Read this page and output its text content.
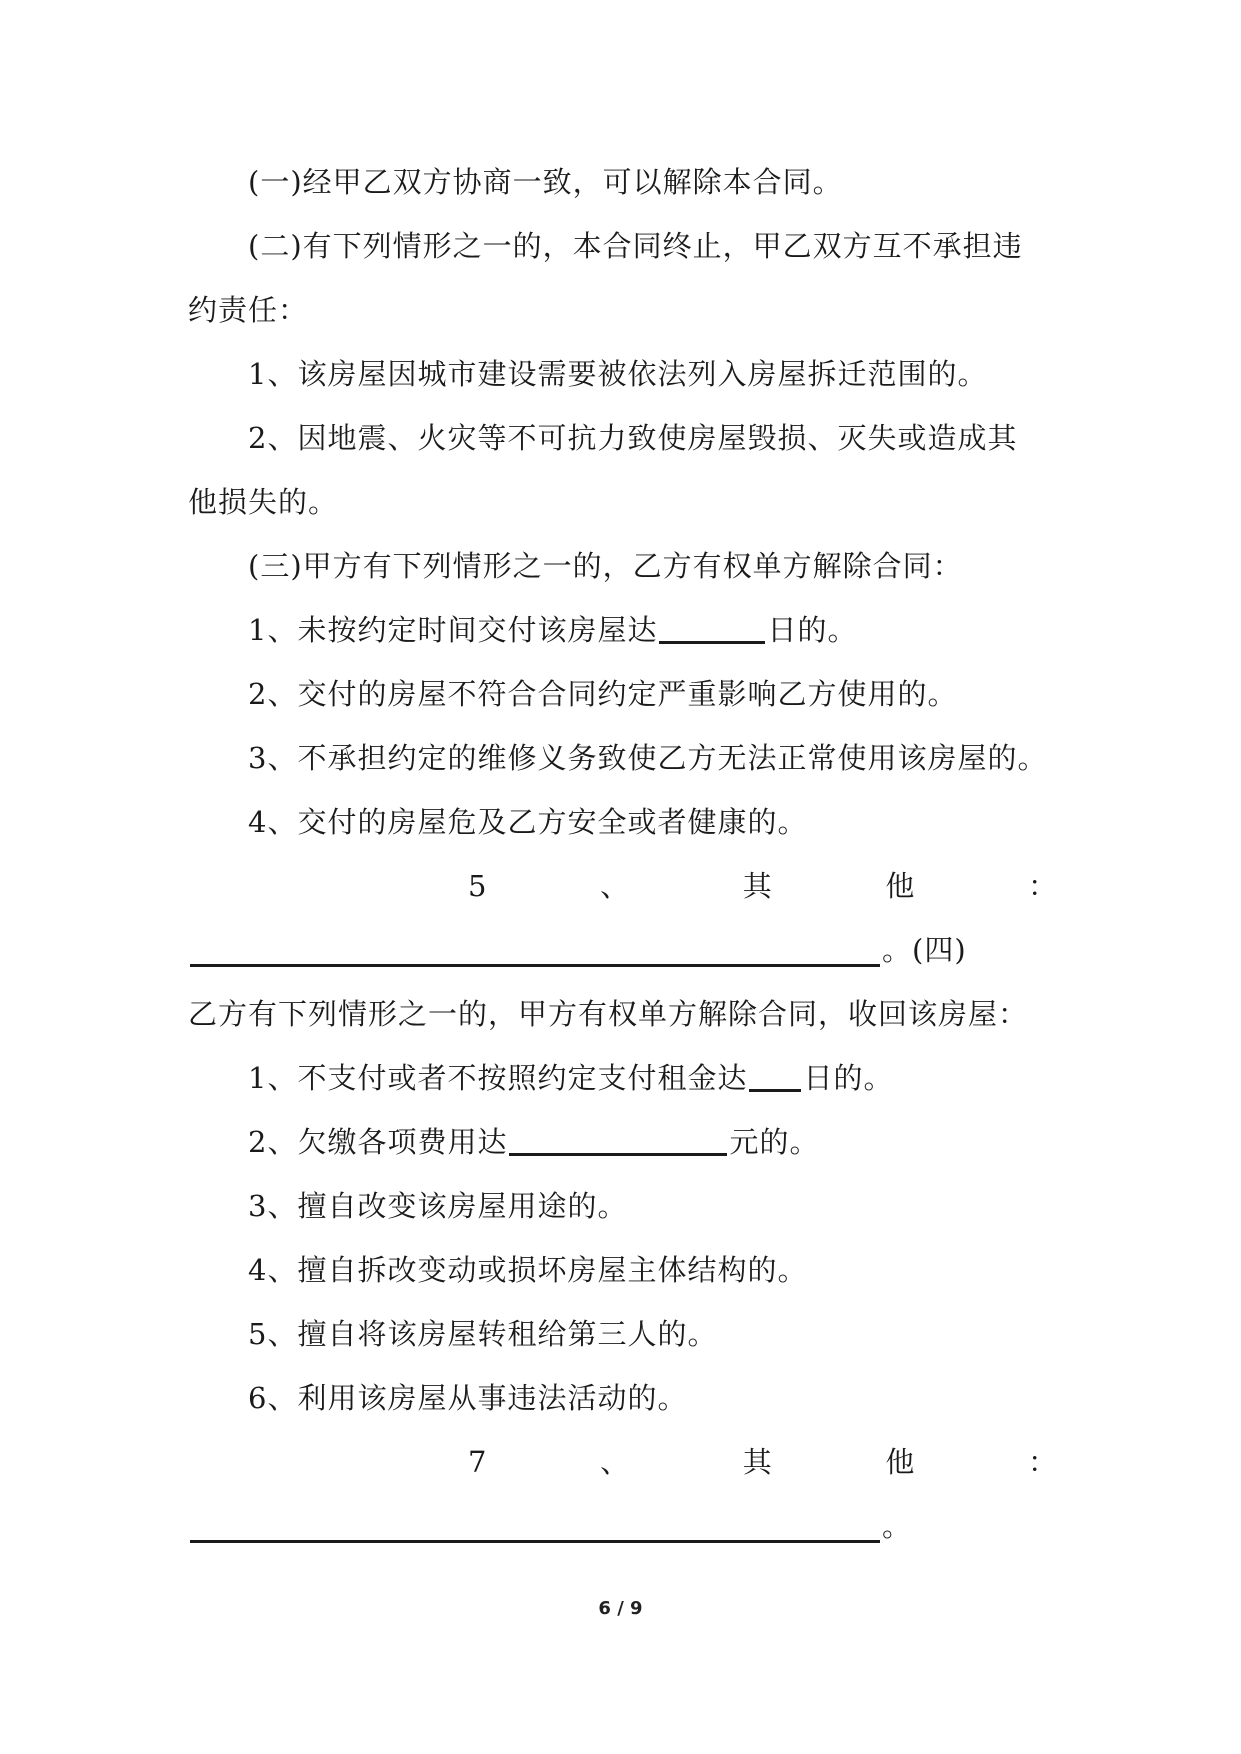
(一)经甲乙双方协商一致，可以解除本合同。
(二)有下列情形之一的，本合同终止，甲乙双方互不承担违
约责任：
1、该房屋因城市建设需要被依法列入房屋拆迁范围的。
2、因地震、火灾等不可抗力致使房屋毁损、灭失或造成其
他损失的。
(三)甲方有下列情形之一的，乙方有权单方解除合同：
1、未按约定时间交付该房屋达	日的。
2、交付的房屋不符合合同约定严重影响乙方使用的。
3、不承担约定的维修义务致使乙方无法正常使用该房屋的。
4、交付的房屋危及乙方安全或者健康的。
5	、	其	他	：
。(四)
乙方有下列情形之一的，甲方有权单方解除合同，收回该房屋：
1、不支付或者不按照约定支付租金达 日的。
2、欠缴各项费用达	元的。
3、擅自改变该房屋用途的。
4、擅自拆改变动或损坏房屋主体结构的。
5、擅自将该房屋转租给第三人的。
6、利用该房屋从事违法活动的。
7	、	其	他	：
。
6 / 9
